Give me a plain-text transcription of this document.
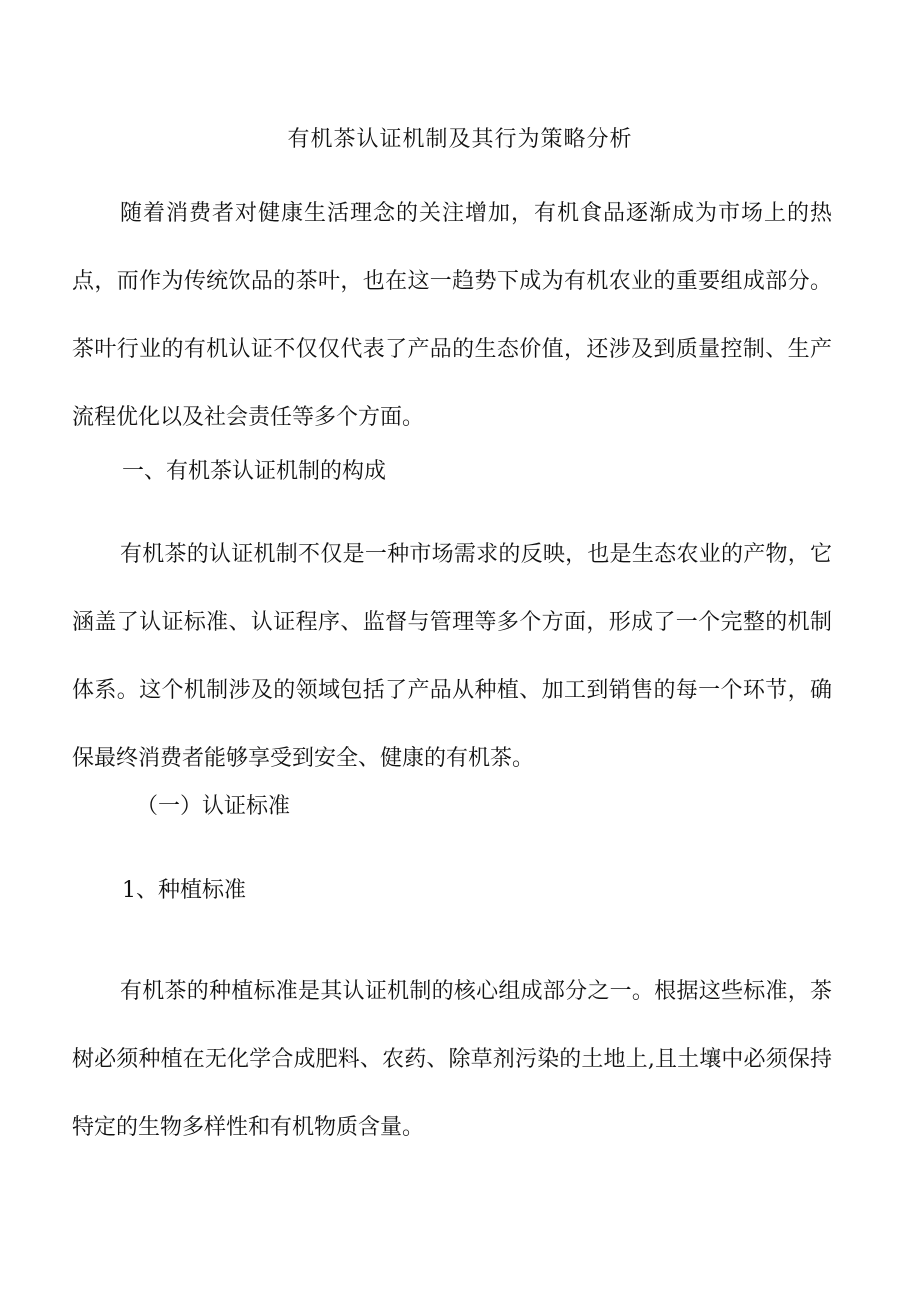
有机茶认证机制及其行为策略分析

随着消费者对健康生活理念的关注增加，有机食品逐渐成为市场上的热点，而作为传统饮品的茶叶，也在这一趋势下成为有机农业的重要组成部分。茶叶行业的有机认证不仅仅代表了产品的生态价值，还涉及到质量控制、生产流程优化以及社会责任等多个方面。

一、有机茶认证机制的构成

有机茶的认证机制不仅是一种市场需求的反映，也是生态农业的产物，它涵盖了认证标准、认证程序、监督与管理等多个方面，形成了一个完整的机制体系。这个机制涉及的领域包括了产品从种植、加工到销售的每一个环节，确保最终消费者能够享受到安全、健康的有机茶。

（一）认证标准
1、种植标准

有机茶的种植标准是其认证机制的核心组成部分之一。根据这些标准，茶树必须种植在无化学合成肥料、农药、除草剂污染的土地上,且土壤中必须保持特定的生物多样性和有机物质含量。
